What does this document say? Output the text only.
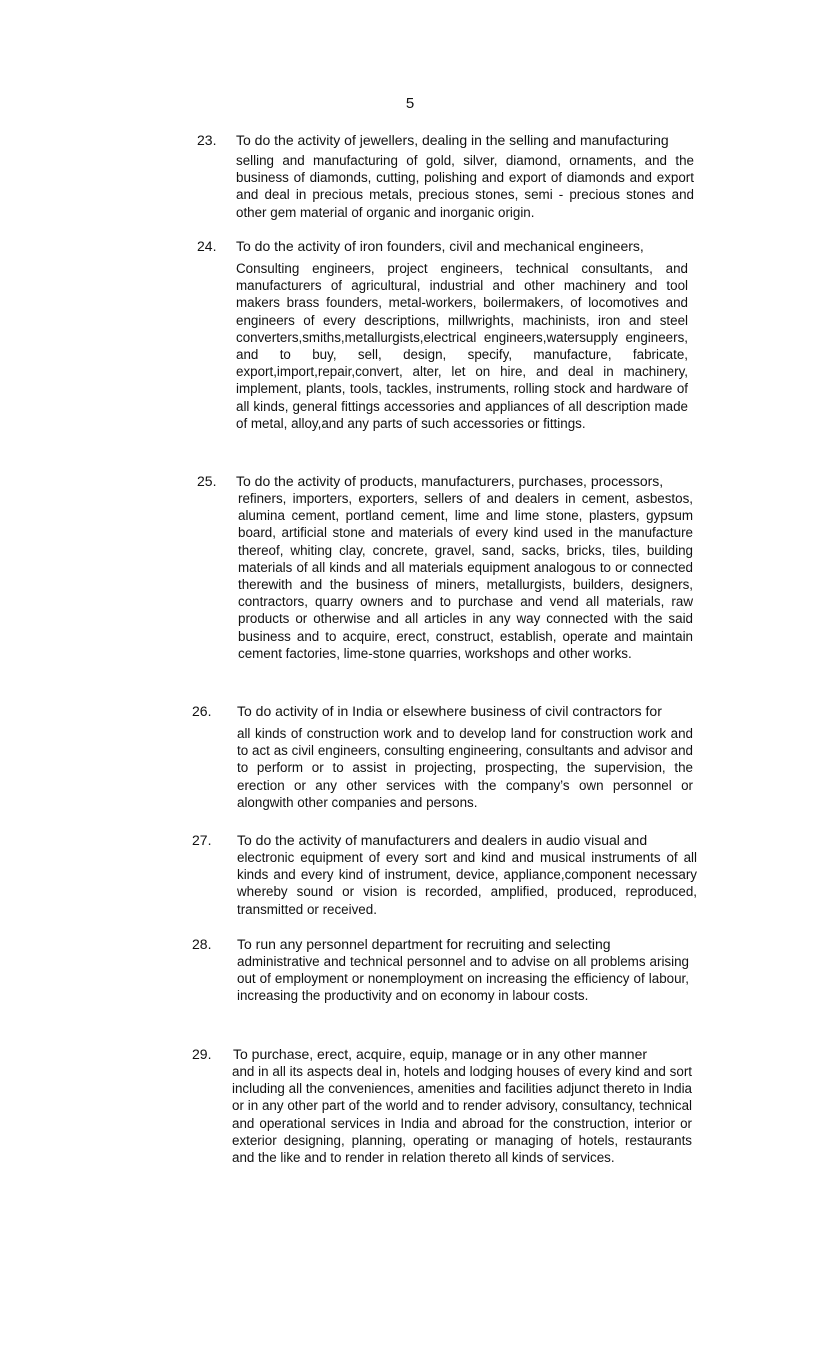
5
23. To do the activity of jewellers, dealing in the selling and manufacturing
selling and manufacturing of gold, silver, diamond, ornaments, and the business of diamonds, cutting, polishing and export of diamonds and export and deal in precious metals, precious stones, semi - precious stones and other gem material of organic and inorganic origin.
24. To do the activity of iron founders, civil and mechanical engineers,
Consulting engineers, project engineers, technical consultants, and manufacturers of agricultural, industrial and other machinery and tool makers brass founders, metal-workers, boilermakers, of locomotives and engineers of every descriptions, millwrights, machinists, iron and steel converters,smiths,metallurgists,electrical engineers,watersupply engineers, and to buy, sell, design, specify, manufacture, fabricate, export,import,repair,convert, alter, let on hire, and deal in machinery, implement, plants, tools, tackles, instruments, rolling stock and hardware of all kinds, general fittings accessories and appliances of all description made of metal, alloy,and any parts of such accessories or fittings.
25. To do the activity of products, manufacturers, purchases, processors,
refiners, importers, exporters, sellers of and dealers in cement, asbestos, alumina cement, portland cement, lime and lime stone, plasters, gypsum board, artificial stone and materials of every kind used in the manufacture thereof, whiting clay, concrete, gravel, sand, sacks, bricks, tiles, building materials of all kinds and all materials equipment analogous to or connected therewith and the business of miners, metallurgists, builders, designers, contractors, quarry owners and to purchase and vend all materials, raw products or otherwise and all articles in any way connected with the said business and to acquire, erect, construct, establish, operate and maintain cement factories, lime-stone quarries, workshops and other works.
26. To do activity of in India or elsewhere business of civil contractors for
all kinds of construction work and to develop land for construction work and to act as civil engineers, consulting engineering, consultants and advisor and to perform or to assist in projecting, prospecting, the supervision, the erection or any other services with the company’s own personnel or alongwith other companies and persons.
27. To do the activity of manufacturers and dealers in audio visual and
electronic equipment of every sort and kind and musical instruments of all kinds and every kind of instrument, device, appliance,component necessary whereby sound or vision is recorded, amplified, produced, reproduced, transmitted or received.
28. To run any personnel department for recruiting and selecting
administrative and technical personnel and to advise on all problems arising out of employment or nonemployment on increasing the efficiency of labour, increasing the productivity and on economy in labour costs.
29. To purchase, erect, acquire, equip, manage or in any other manner
and in all its aspects deal in, hotels and lodging houses of every kind and sort including all the conveniences, amenities and facilities adjunct thereto in India or in any other part of the world and to render advisory, consultancy, technical and operational services in India and abroad for the construction, interior or exterior designing, planning, operating or managing of hotels, restaurants and the like and to render in relation thereto all kinds of services.
